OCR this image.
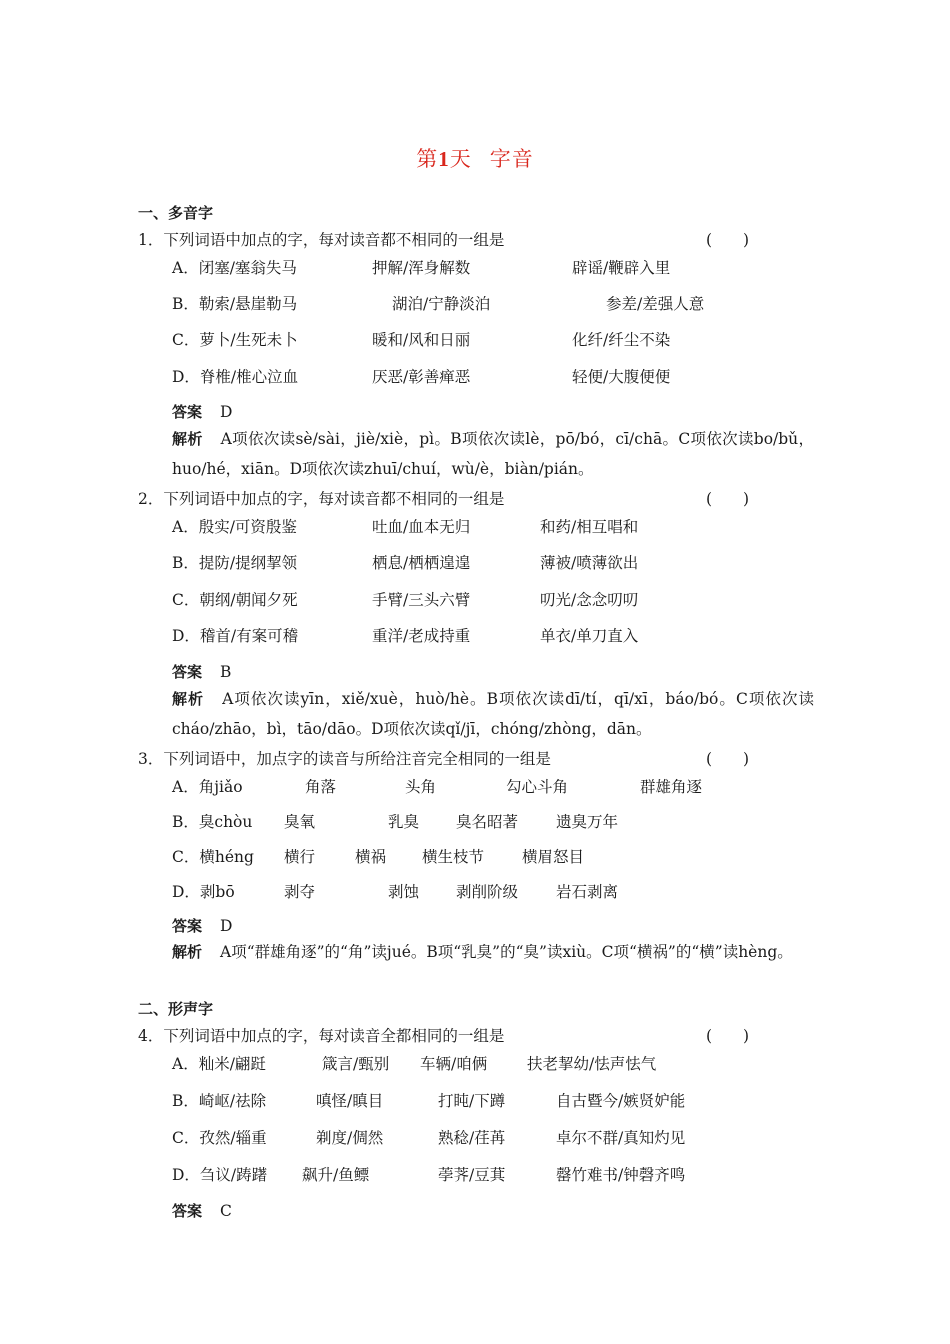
第1天 字音
一、多音字
1．下列词语中加点的字，每对读音都不相同的一组是	(　　)
A．闭塞/塞翁失马	押解/浑身解数	辟谣/鞭辟入里
B．勒索/悬崖勒马	湖泊/宁静淡泊	参差/差强人意
C．萝卜/生死未卜	暖和/风和日丽	化纤/纤尘不染
D．脊椎/椎心泣血	厌恶/彰善瘅恶	轻便/大腹便便
答案 D
解析 A项依次读sè/sài，jiè/xiè，pì。B项依次读lè，pō/bó，cī/chā。C项依次读bo/bǔ，huo/hé，xiān。D项依次读zhuī/chuí，wù/è，biàn/pián。
2．下列词语中加点的字，每对读音都不相同的一组是	(　　)
A．殷实/可资殷鉴	吐血/血本无归	和药/相互唱和
B．提防/提纲挈领	栖息/栖栖遑遑	薄被/喷薄欲出
C．朝纲/朝闻夕死	手臂/三头六臂	叨光/念念叨叨
D．稽首/有案可稽	重洋/老成持重	单衣/单刀直入
答案 B
解析 A项依次读yīn，xiě/xuè，huò/hè。B项依次读dī/tí，qī/xī，báo/bó。C项依次读cháo/zhāo，bì，tāo/dāo。D项依次读qǐ/jī，chóng/zhòng，dān。
3．下列词语中，加点字的读音与所给注音完全相同的一组是	(　　)
A．角jiǎo	角落	头角	勾心斗角	群雄角逐
B．臭chòu 臭氧	乳臭 臭名昭著 遗臭万年
C．横héng 横行	横祸 横生枝节 横眉怒目
D．剥bō	剥夺	剥蚀 剥削阶级 岩石剥离
答案 D
解析 A项“群雄角逐”的“角”读jué。B项“乳臭”的“臭”读xiù。C项“横祸”的“横”读hèng。
二、形声字
4．下列词语中加点的字，每对读音全都相同的一组是	(　　)
A．籼米/翩跹	箴言/甄别 车辆/咱俩	扶老挈幼/怯声怯气
B．崎岖/祛除	嗔怪/瞋目	打盹/下蹲	自古暨今/嫉贤妒能
C．孜然/辎重	剃度/倜然	熟稔/荏苒	卓尔不群/真知灼见
D．刍议/踌躇 飙升/鱼鳔	荸荠/豆萁	罄竹难书/钟磬齐鸣
答案 C
